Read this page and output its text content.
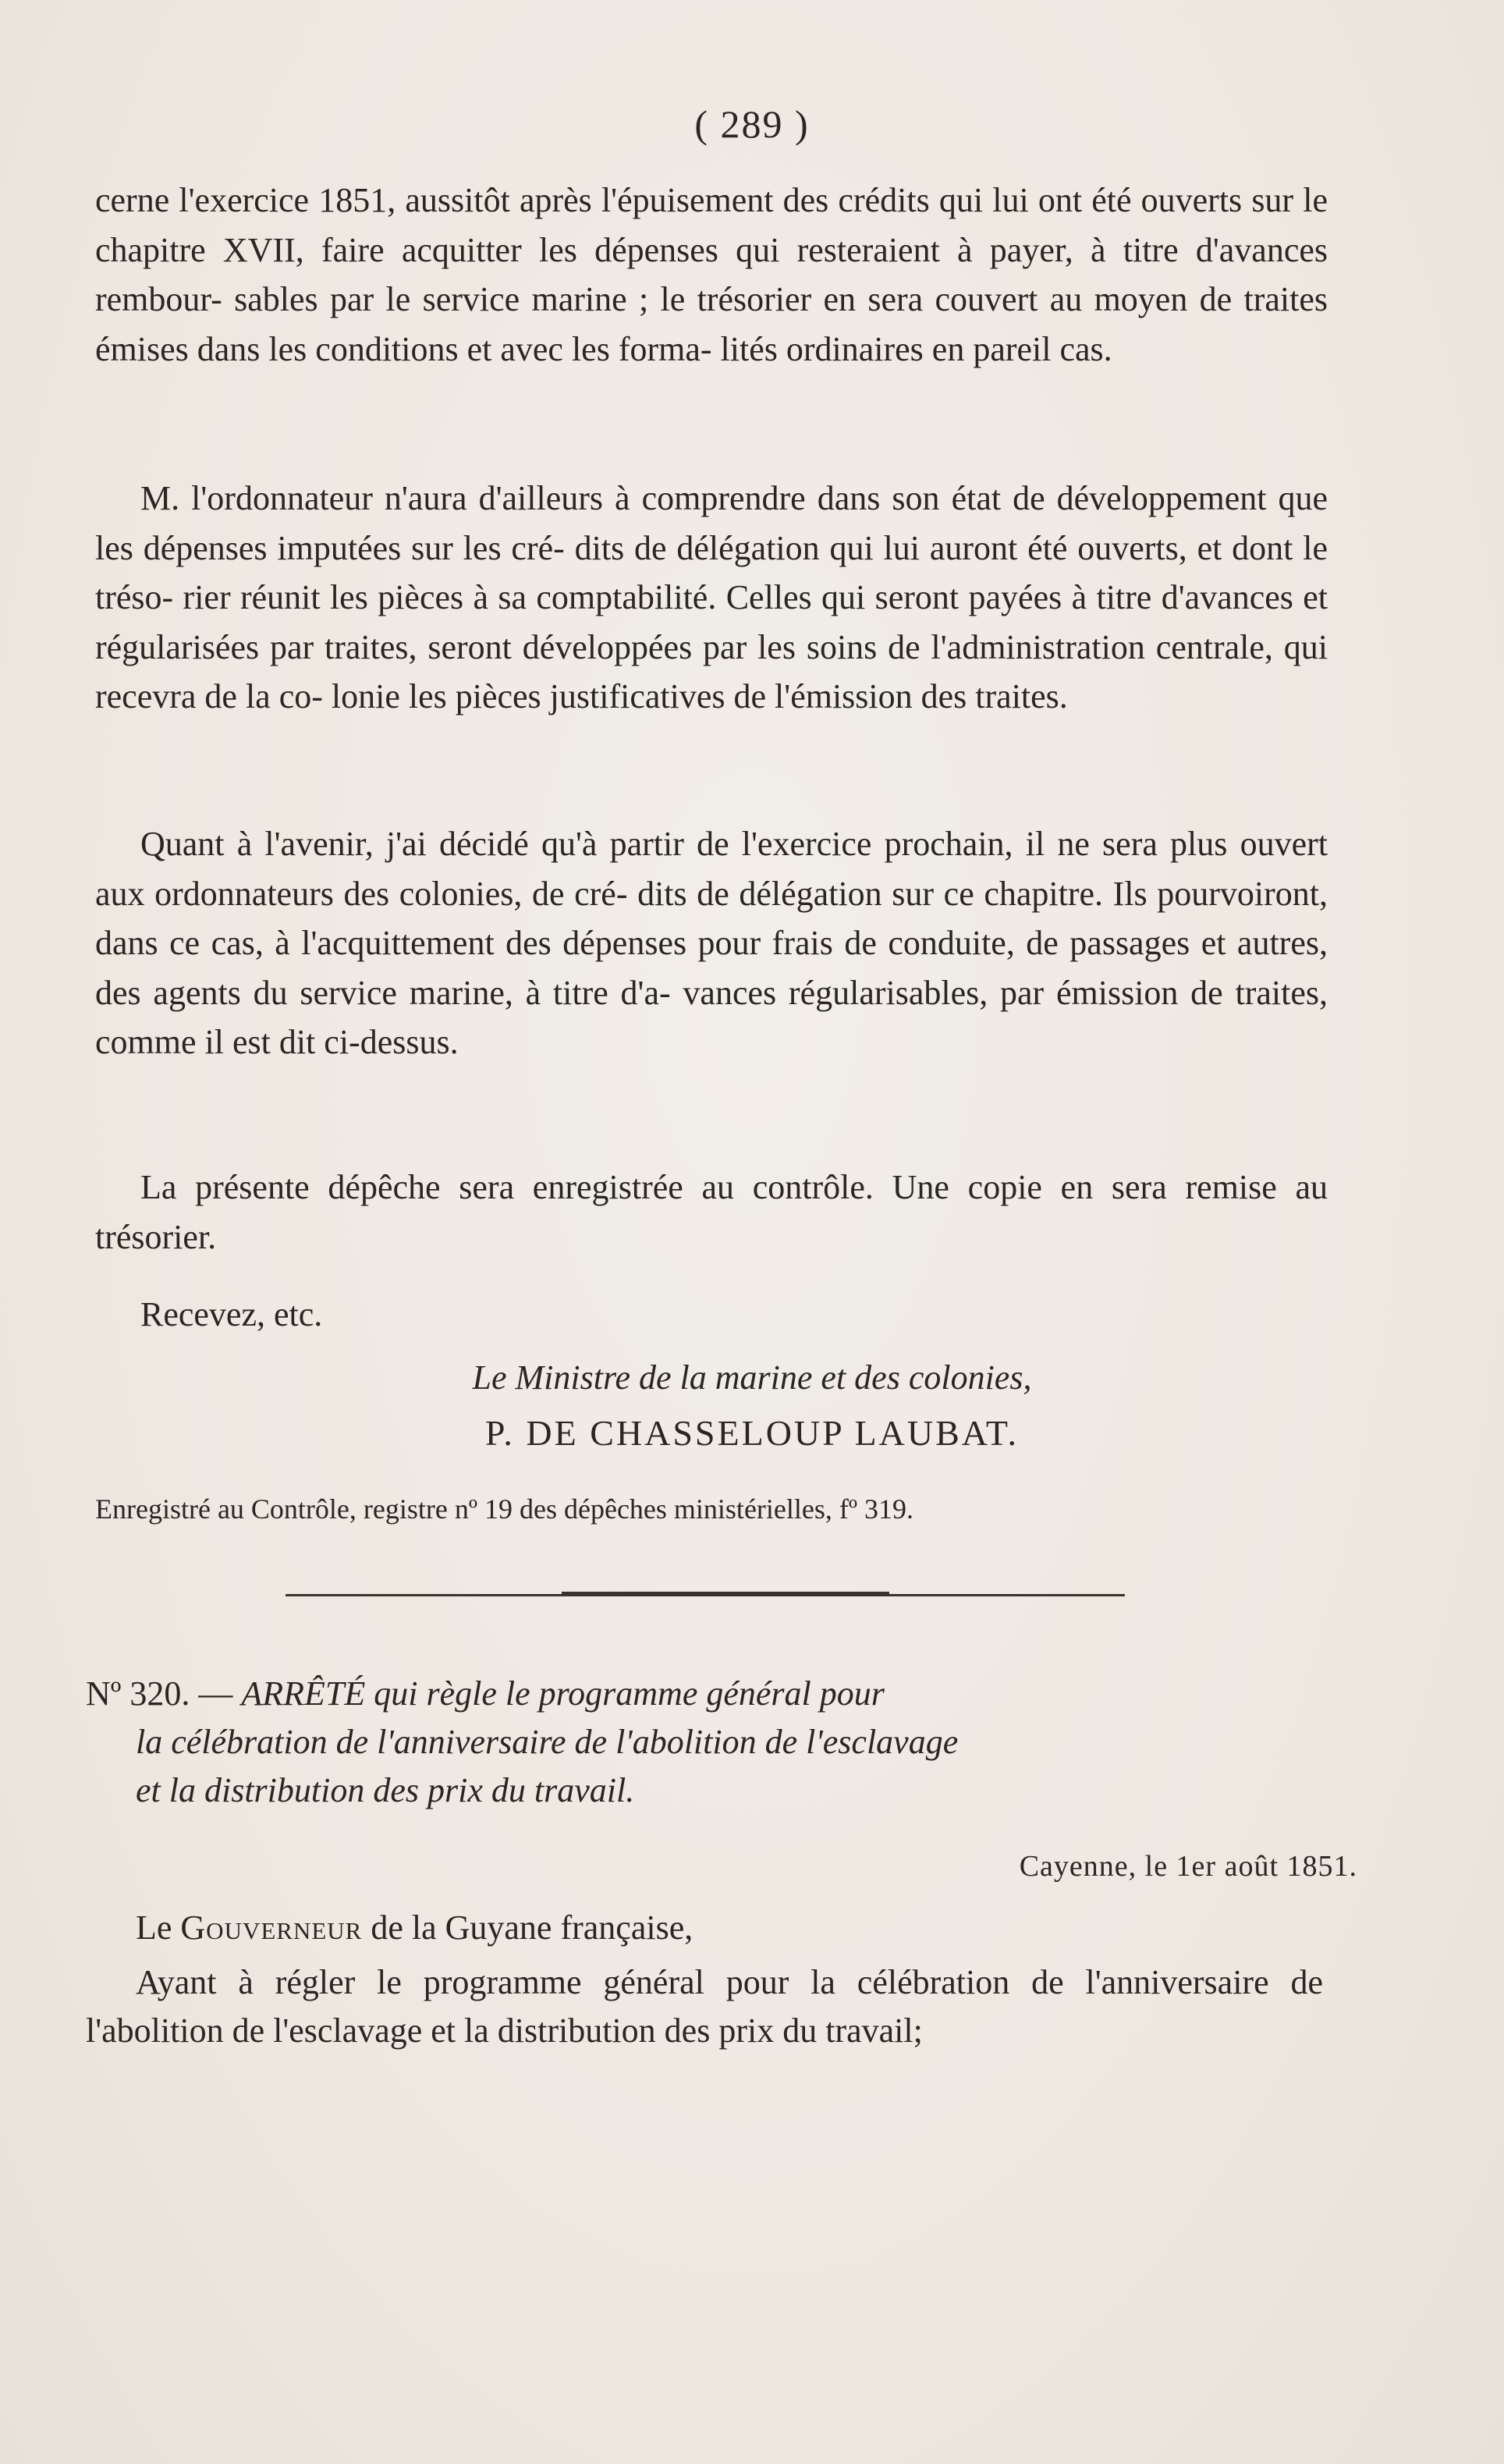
( 289 )

cerne l'exercice 1851, aussitôt après l'épuisement des crédits qui lui ont été ouverts sur le chapitre XVII, faire acquitter les dépenses qui resteraient à payer, à titre d'avances rembour- sables par le service marine ; le trésorier en sera couvert au moyen de traites émises dans les conditions et avec les forma- lités ordinaires en pareil cas.

M. l'ordonnateur n'aura d'ailleurs à comprendre dans son état de développement que les dépenses imputées sur les cré- dits de délégation qui lui auront été ouverts, et dont le tréso- rier réunit les pièces à sa comptabilité. Celles qui seront payées à titre d'avances et régularisées par traites, seront développées par les soins de l'administration centrale, qui recevra de la co- lonie les pièces justificatives de l'émission des traites.

Quant à l'avenir, j'ai décidé qu'à partir de l'exercice prochain, il ne sera plus ouvert aux ordonnateurs des colonies, de cré- dits de délégation sur ce chapitre. Ils pourvoiront, dans ce cas, à l'acquittement des dépenses pour frais de conduite, de passages et autres, des agents du service marine, à titre d'a- vances régularisables, par émission de traites, comme il est dit ci-dessus.

La présente dépêche sera enregistrée au contrôle. Une copie en sera remise au trésorier.

Recevez, etc.
Le Ministre de la marine et des colonies,
P. DE CHASSELOUP LAUBAT.
Enregistré au Contrôle, registre nº 19 des dépêches ministérielles, fº 319.
Nº 320. — ARRÊTÉ qui règle le programme général pour
la célébration de l'anniversaire de l'abolition de l'esclavage
et la distribution des prix du travail.
Cayenne, le 1er août 1851.
Le Gouverneur de la Guyane française,

Ayant à régler le programme général pour la célébration de l'anniversaire de l'abolition de l'esclavage et la distribution des prix du travail;
